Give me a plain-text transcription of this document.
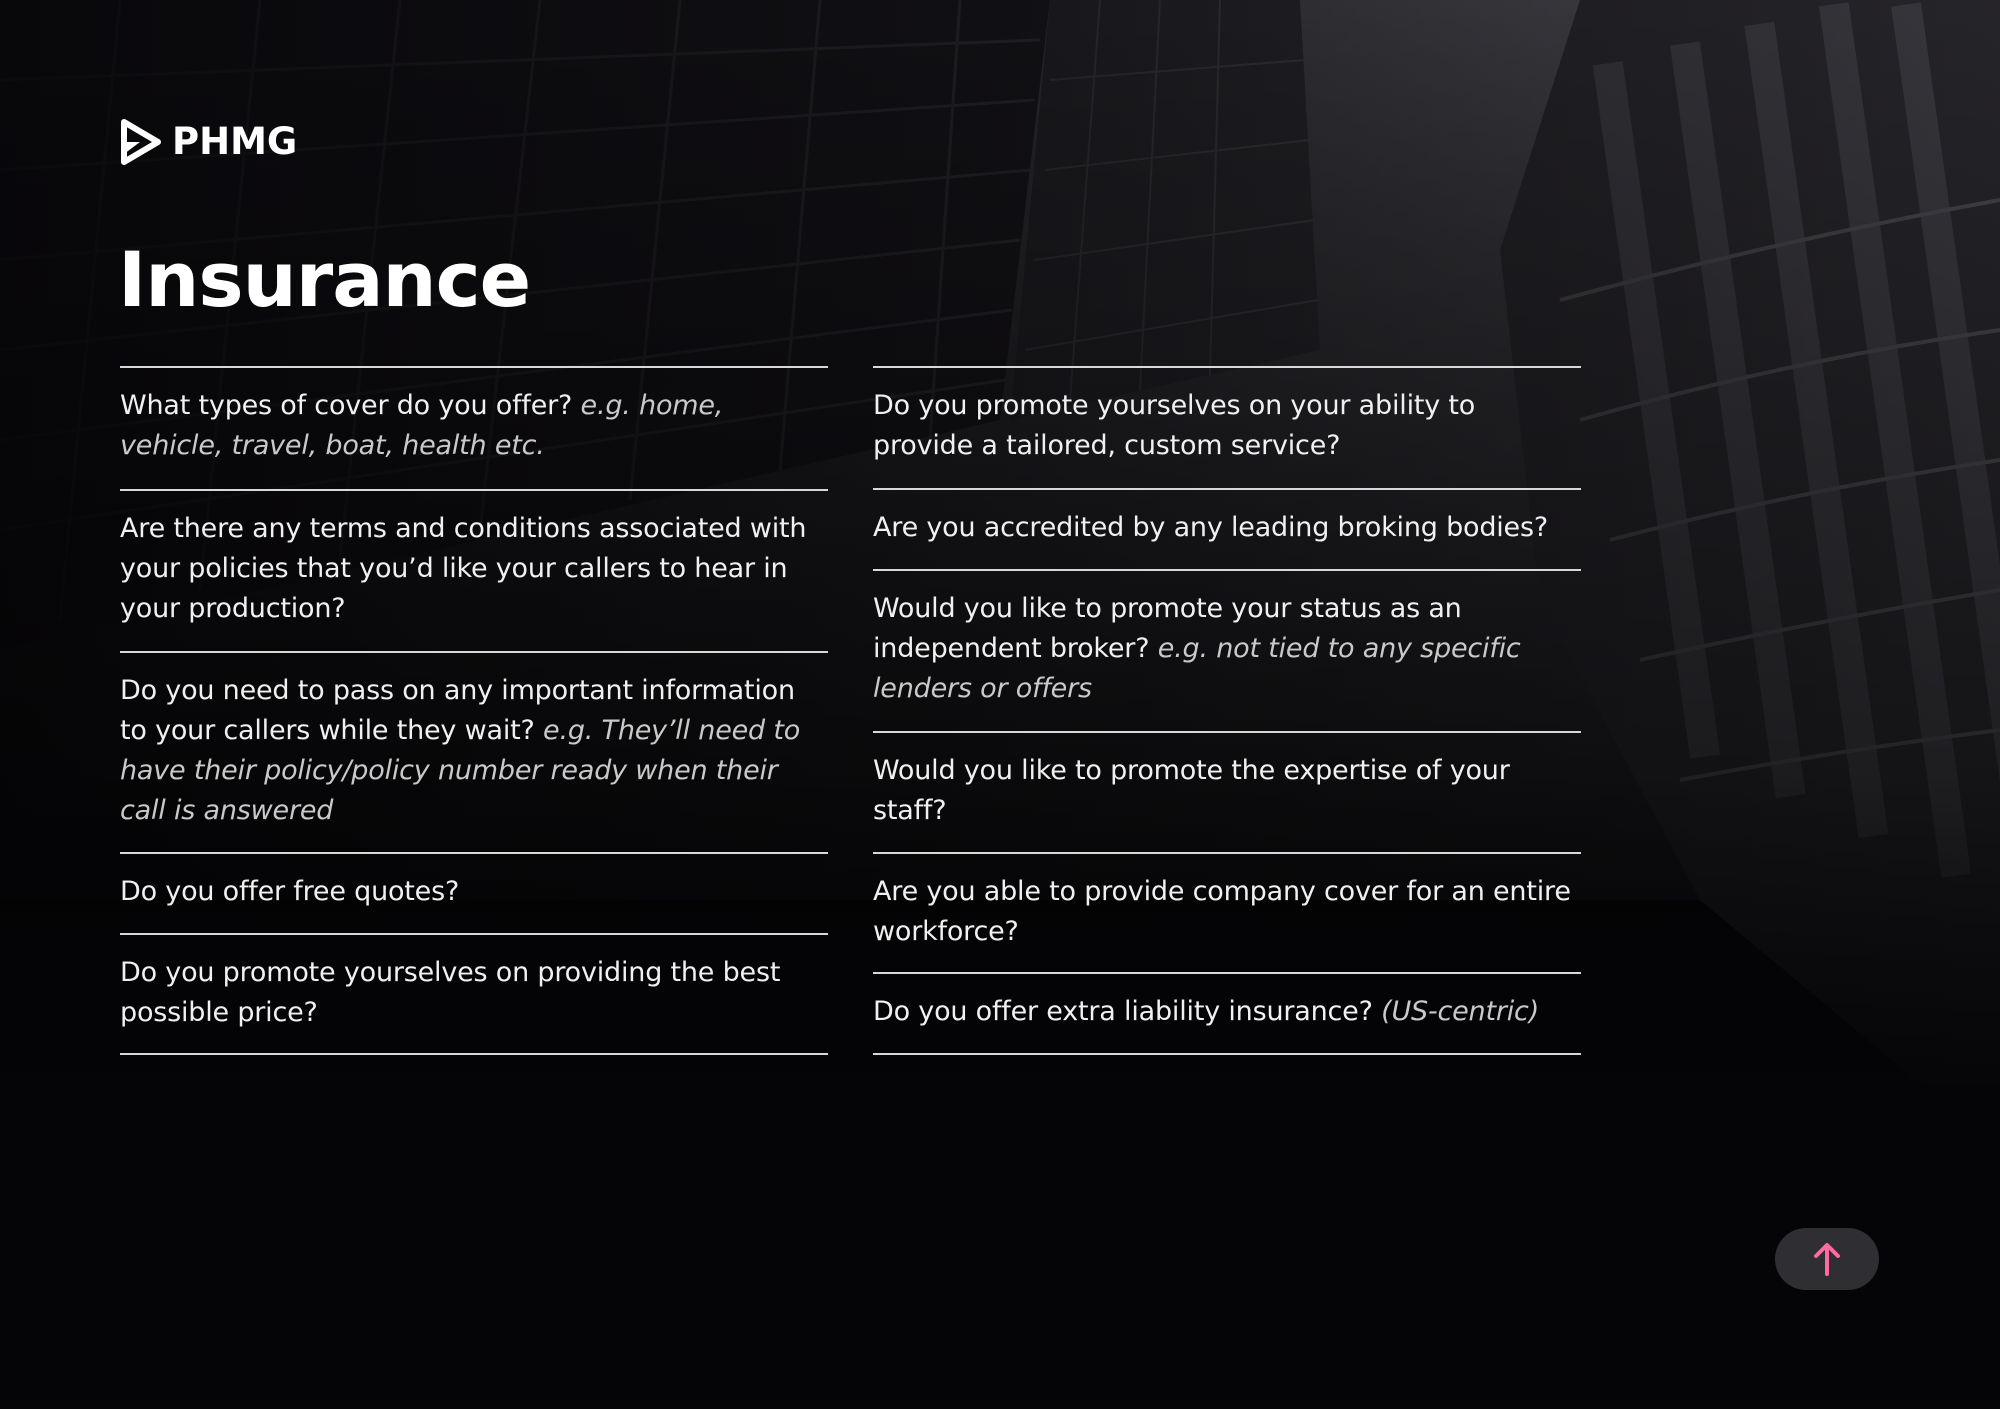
PHMG
Insurance
What types of cover do you offer? e.g. home, vehicle, travel, boat, health etc.
Are there any terms and conditions associated with your policies that you’d like your callers to hear in your production?
Do you need to pass on any important information to your callers while they wait? e.g. They’ll need to have their policy/policy number ready when their call is answered
Do you offer free quotes?
Do you promote yourselves on providing the best possible price?
Do you promote yourselves on your ability to provide a tailored, custom service?
Are you accredited by any leading broking bodies?
Would you like to promote your status as an independent broker? e.g. not tied to any specific lenders or offers
Would you like to promote the expertise of your staff?
Are you able to provide company cover for an entire workforce?
Do you offer extra liability insurance? (US-centric)
